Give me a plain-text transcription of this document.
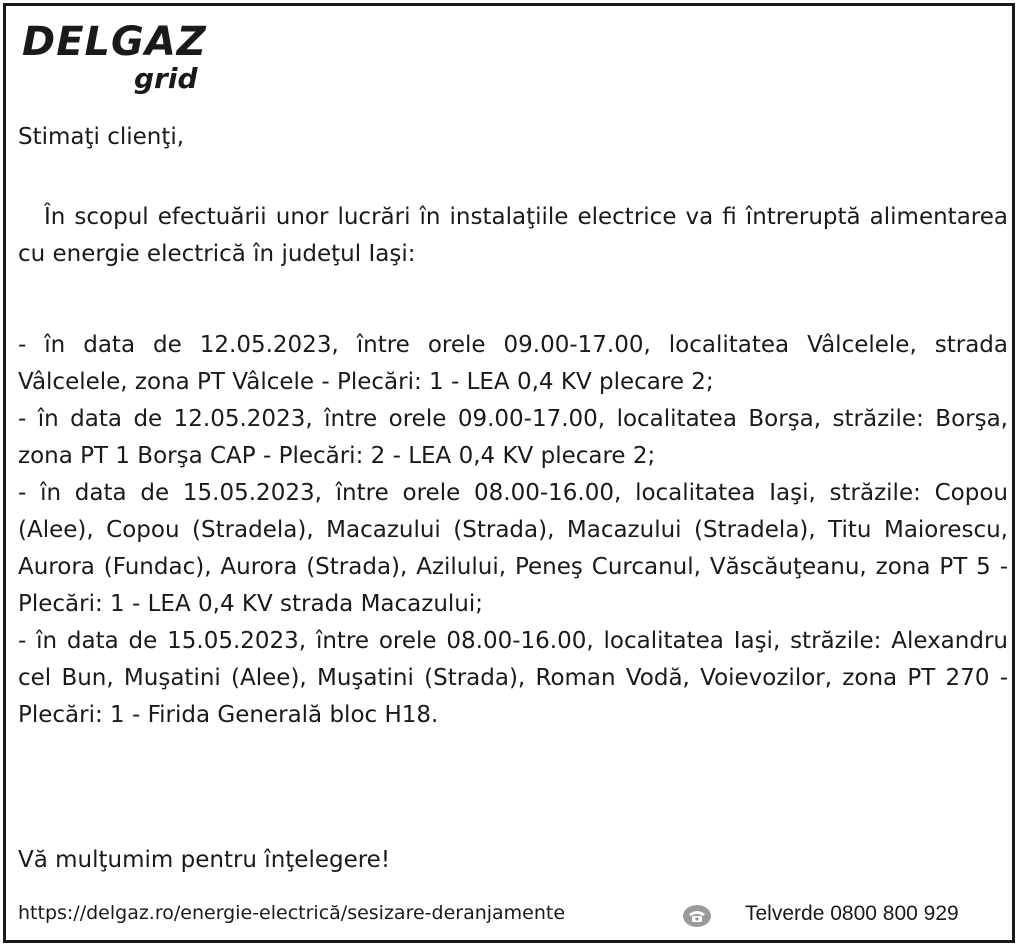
DELGAZ
grid
Stimaţi clienţi,

În scopul efectuării unor lucrări în instalaţiile electrice va fi întreruptă alimentarea cu energie electrică în judeţul Iaşi:

- în data de 12.05.2023, între orele 09.00-17.00, localitatea Vâlcelele, strada Vâlcelele, zona PT Vâlcele - Plecări: 1 - LEA 0,4 KV plecare 2;

- în data de 12.05.2023, între orele 09.00-17.00, localitatea Borşa, străzile: Borşa, zona PT 1 Borşa CAP - Plecări: 2 - LEA 0,4 KV plecare 2;

- în data de 15.05.2023, între orele 08.00-16.00, localitatea Iaşi, străzile: Copou (Alee), Copou (Stradela), Macazului (Strada), Macazului (Stradela), Titu Maiorescu, Aurora (Fundac), Aurora (Strada), Azilului, Peneş Curcanul, Văscăuţeanu, zona PT 5 - Plecări: 1 - LEA 0,4 KV strada Macazului;

- în data de 15.05.2023, între orele 08.00-16.00, localitatea Iaşi, străzile: Alexandru cel Bun, Muşatini (Alee), Muşatini (Strada), Roman Vodă, Voievozilor, zona PT 270 - Plecări: 1 - Firida Generală bloc H18.

Vă mulţumim pentru înţelegere!
https://delgaz.ro/energie-electrică/sesizare-deranjamente	Telverde 0800 800 929
